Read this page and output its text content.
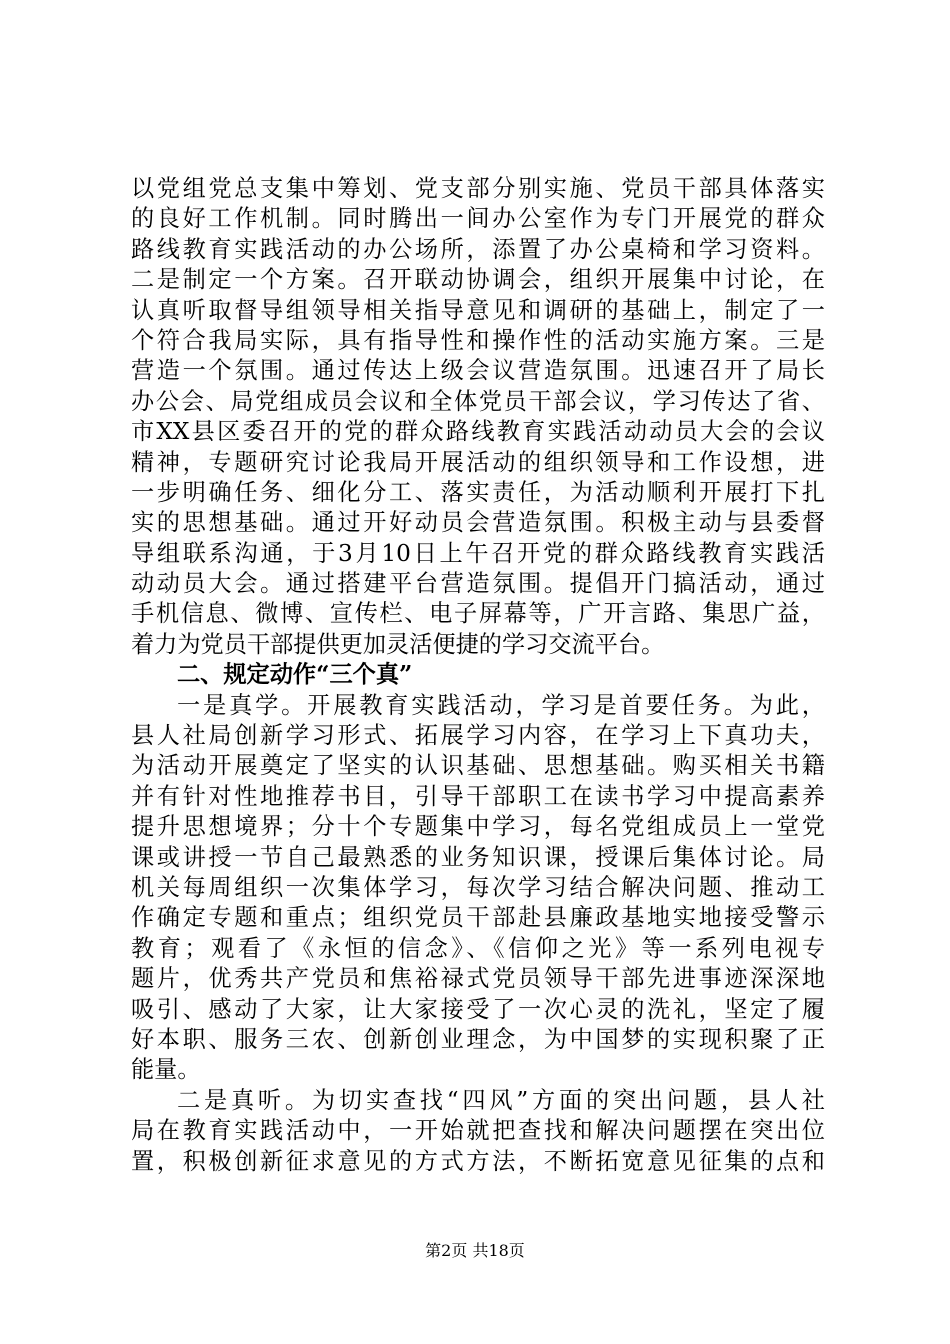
以党组党总支集中筹划、党支部分别实施、党员干部具体落实
的良好工作机制。同时腾出一间办公室作为专门开展党的群众
路线教育实践活动的办公场所，添置了办公桌椅和学习资料。
二是制定一个方案。召开联动协调会，组织开展集中讨论，在
认真听取督导组领导相关指导意见和调研的基础上，制定了一
个符合我局实际，具有指导性和操作性的活动实施方案。三是
营造一个氛围。通过传达上级会议营造氛围。迅速召开了局长
办公会、局党组成员会议和全体党员干部会议，学习传达了省、
市XX县区委召开的党的群众路线教育实践活动动员大会的会议
精神，专题研究讨论我局开展活动的组织领导和工作设想，进
一步明确任务、细化分工、落实责任，为活动顺利开展打下扎
实的思想基础。通过开好动员会营造氛围。积极主动与县委督
导组联系沟通，于3月10日上午召开党的群众路线教育实践活
动动员大会。通过搭建平台营造氛围。提倡开门搞活动，通过
手机信息、微博、宣传栏、电子屏幕等，广开言路、集思广益，
着力为党员干部提供更加灵活便捷的学习交流平台。
二、规定动作“三个真”
一是真学。开展教育实践活动，学习是首要任务。为此，
县人社局创新学习形式、拓展学习内容，在学习上下真功夫，
为活动开展奠定了坚实的认识基础、思想基础。购买相关书籍
并有针对性地推荐书目，引导干部职工在读书学习中提高素养
提升思想境界；分十个专题集中学习，每名党组成员上一堂党
课或讲授一节自己最熟悉的业务知识课，授课后集体讨论。局
机关每周组织一次集体学习，每次学习结合解决问题、推动工
作确定专题和重点；组织党员干部赴县廉政基地实地接受警示
教育；观看了《永恒的信念》、《信仰之光》等一系列电视专
题片，优秀共产党员和焦裕禄式党员领导干部先进事迹深深地
吸引、感动了大家，让大家接受了一次心灵的洗礼，坚定了履
好本职、服务三农、创新创业理念，为中国梦的实现积聚了正
能量。
二是真听。为切实查找“四风”方面的突出问题，县人社
局在教育实践活动中，一开始就把查找和解决问题摆在突出位
置，积极创新征求意见的方式方法，不断拓宽意见征集的点和
第2页 共18页
